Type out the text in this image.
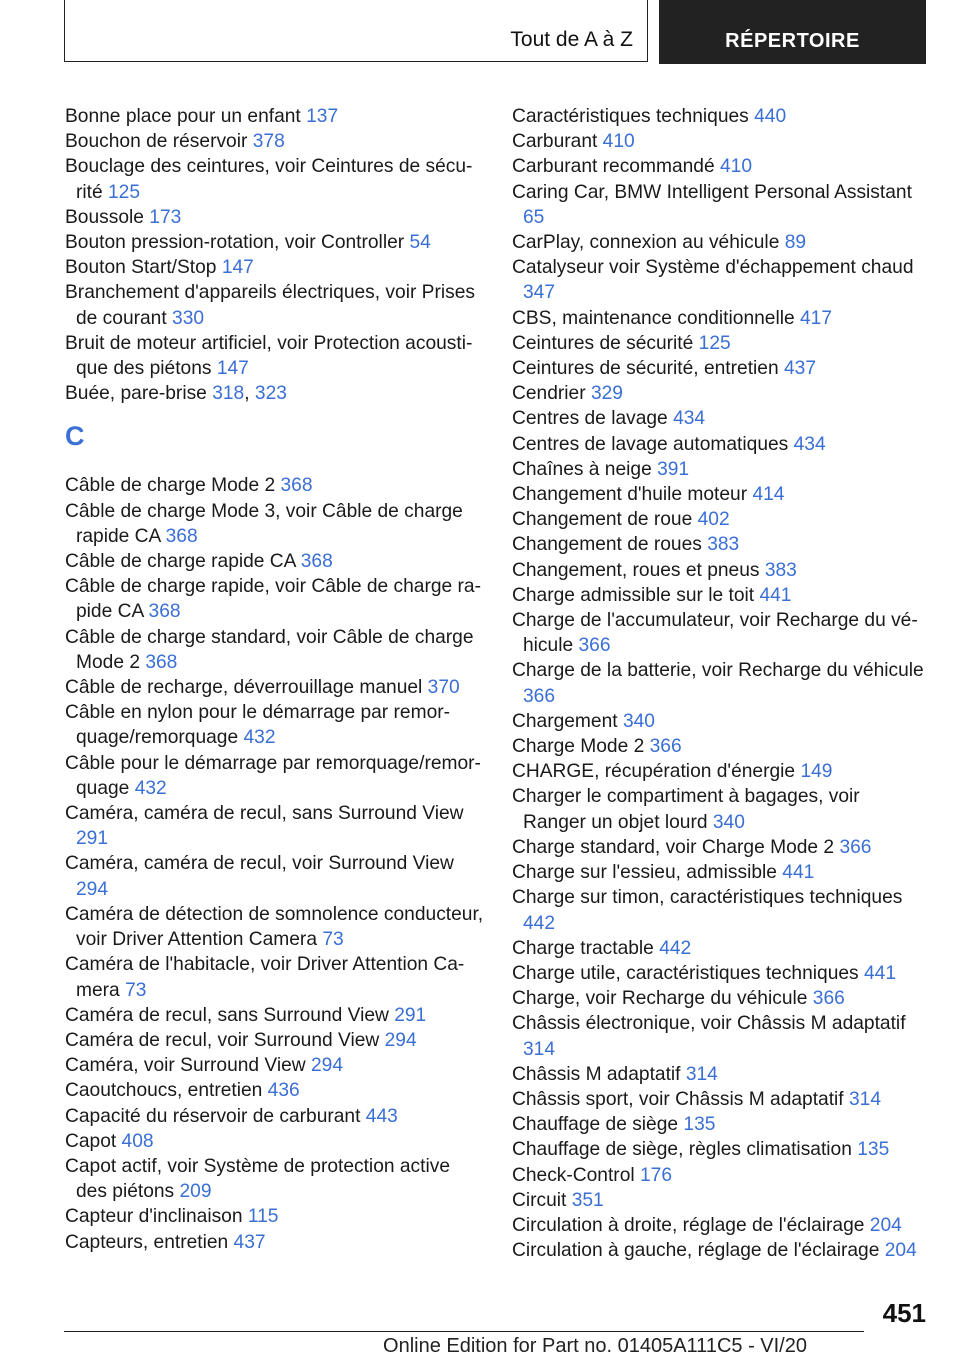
Tout de A à Z	RÉPERTOIRE
Bonne place pour un enfant 137
Bouchon de réservoir 378
Bouclage des ceintures, voir Ceintures de sécurité 125
Boussole 173
Bouton pression-rotation, voir Controller 54
Bouton Start/Stop 147
Branchement d'appareils électriques, voir Prises de courant 330
Bruit de moteur artificiel, voir Protection acoustique des piétons 147
Buée, pare-brise 318, 323
C
Câble de charge Mode 2 368
Câble de charge Mode 3, voir Câble de charge rapide CA 368
Câble de charge rapide CA 368
Câble de charge rapide, voir Câble de charge rapide CA 368
Câble de charge standard, voir Câble de charge Mode 2 368
Câble de recharge, déverrouillage manuel 370
Câble en nylon pour le démarrage par remorquage/remorquage 432
Câble pour le démarrage par remorquage/remorquage 432
Caméra, caméra de recul, sans Surround View 291
Caméra, caméra de recul, voir Surround View 294
Caméra de détection de somnolence conducteur, voir Driver Attention Camera 73
Caméra de l'habitacle, voir Driver Attention Camera 73
Caméra de recul, sans Surround View 291
Caméra de recul, voir Surround View 294
Caméra, voir Surround View 294
Caoutchoucs, entretien 436
Capacité du réservoir de carburant 443
Capot 408
Capot actif, voir Système de protection active des piétons 209
Capteur d'inclinaison 115
Capteurs, entretien 437
Caractéristiques techniques 440
Carburant 410
Carburant recommandé 410
Caring Car, BMW Intelligent Personal Assistant 65
CarPlay, connexion au véhicule 89
Catalyseur voir Système d'échappement chaud 347
CBS, maintenance conditionnelle 417
Ceintures de sécurité 125
Ceintures de sécurité, entretien 437
Cendrier 329
Centres de lavage 434
Centres de lavage automatiques 434
Chaînes à neige 391
Changement d'huile moteur 414
Changement de roue 402
Changement de roues 383
Changement, roues et pneus 383
Charge admissible sur le toit 441
Charge de l'accumulateur, voir Recharge du véhicule 366
Charge de la batterie, voir Recharge du véhicule 366
Chargement 340
Charge Mode 2 366
CHARGE, récupération d'énergie 149
Charger le compartiment à bagages, voir Ranger un objet lourd 340
Charge standard, voir Charge Mode 2 366
Charge sur l'essieu, admissible 441
Charge sur timon, caractéristiques techniques 442
Charge tractable 442
Charge utile, caractéristiques techniques 441
Charge, voir Recharge du véhicule 366
Châssis électronique, voir Châssis M adaptatif 314
Châssis M adaptatif 314
Châssis sport, voir Châssis M adaptatif 314
Chauffage de siège 135
Chauffage de siège, règles climatisation 135
Check-Control 176
Circuit 351
Circulation à droite, réglage de l'éclairage 204
Circulation à gauche, réglage de l'éclairage 204
451
Online Edition for Part no. 01405A111C5 - VI/20
